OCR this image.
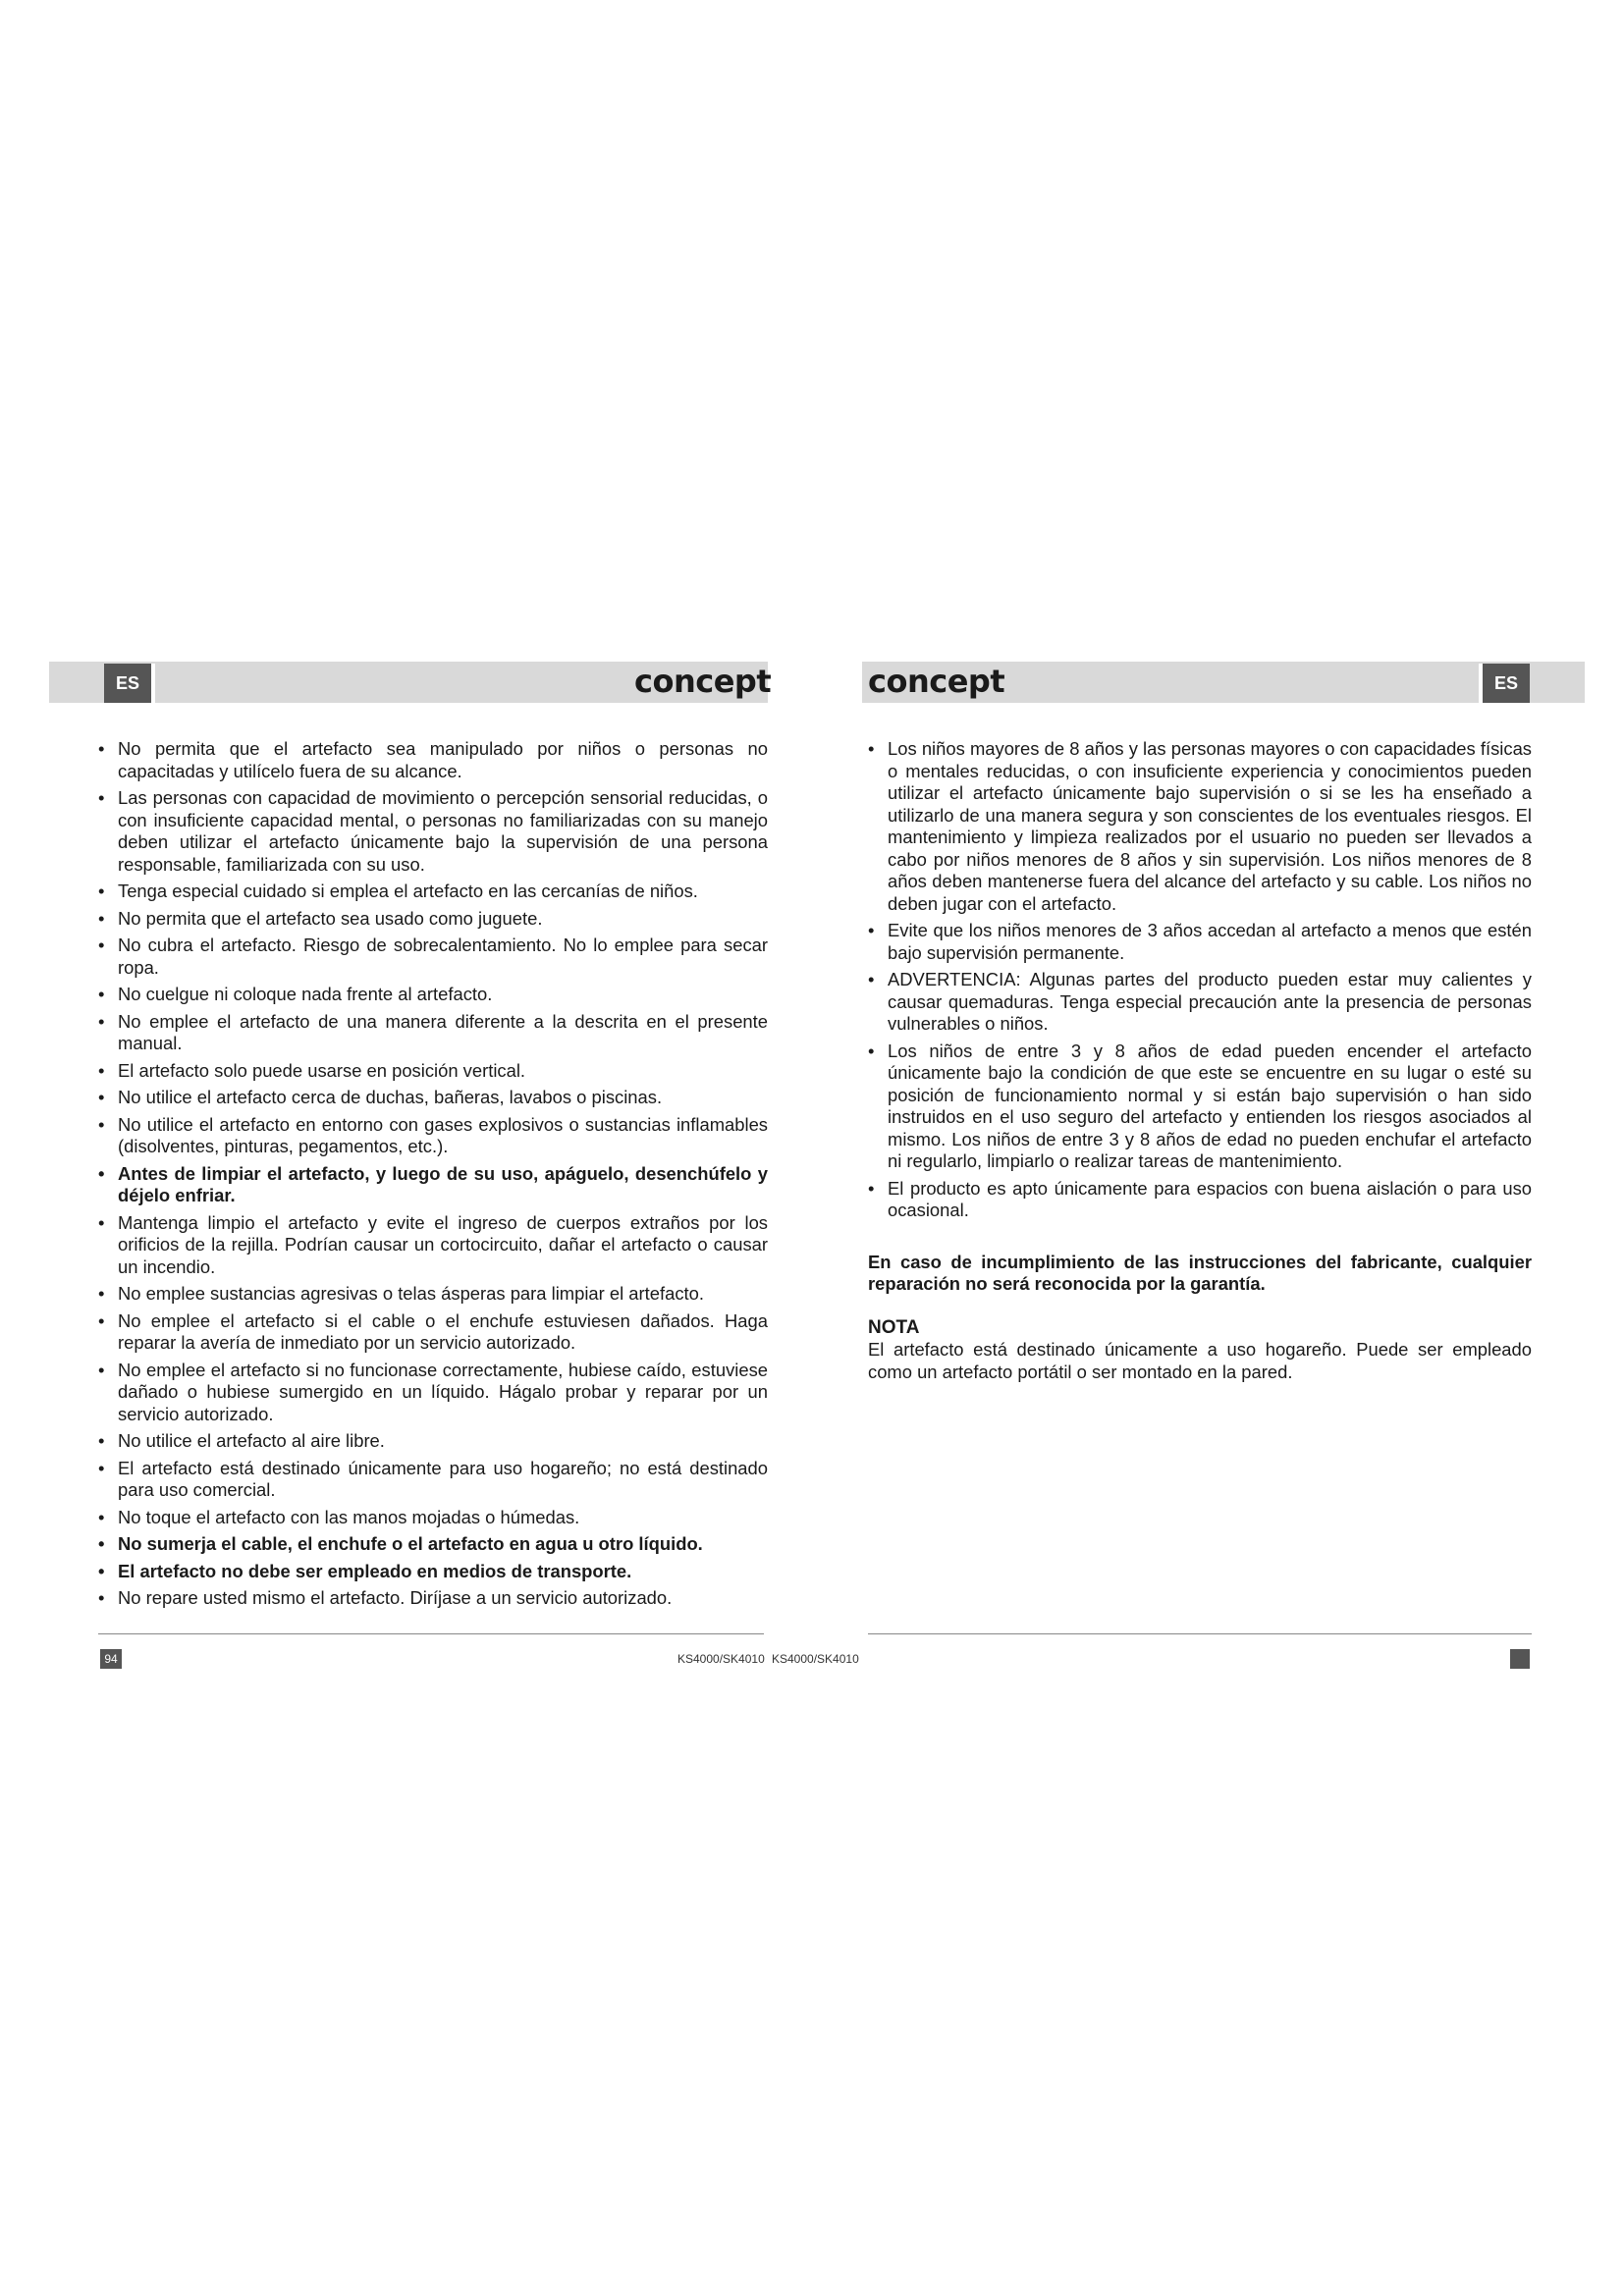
ES	ES
concept	concept
• No permita que el artefacto sea manipulado por niños o personas no capacitadas y utilícelo fuera de su alcance.
• Las personas con capacidad de movimiento o percepción sensorial reducidas, o con insuficiente capacidad mental, o personas no familiarizadas con su manejo deben utilizar el artefacto únicamente bajo la supervisión de una persona responsable, familiarizada con su uso.
• Tenga especial cuidado si emplea el artefacto en las cercanías de niños.
• No permita que el artefacto sea usado como juguete.
• No cubra el artefacto. Riesgo de sobrecalentamiento. No lo emplee para secar ropa.
• No cuelgue ni coloque nada frente al artefacto.
• No emplee el artefacto de una manera diferente a la descrita en el presente manual.
• El artefacto solo puede usarse en posición vertical.
• No utilice el artefacto cerca de duchas, bañeras, lavabos o piscinas.
• No utilice el artefacto en entorno con gases explosivos o sustancias inflamables (disolventes, pinturas, pegamentos, etc.).
• Antes de limpiar el artefacto, y luego de su uso, apáguelo, desenchúfelo y déjelo enfriar.
• Mantenga limpio el artefacto y evite el ingreso de cuerpos extraños por los orificios de la rejilla. Podrían causar un cortocircuito, dañar el artefacto o causar un incendio.
• No emplee sustancias agresivas o telas ásperas para limpiar el artefacto.
• No emplee el artefacto si el cable o el enchufe estuviesen dañados. Haga reparar la avería de inmediato por un servicio autorizado.
• No emplee el artefacto si no funcionase correctamente, hubiese caído, estuviese dañado o hubiese sumergido en un líquido. Hágalo probar y reparar por un servicio autorizado.
• No utilice el artefacto al aire libre.
• El artefacto está destinado únicamente para uso hogareño; no está destinado para uso comercial.
• No toque el artefacto con las manos mojadas o húmedas.
• No sumerja el cable, el enchufe o el artefacto en agua u otro líquido.
• El artefacto no debe ser empleado en medios de transporte.
• No repare usted mismo el artefacto. Diríjase a un servicio autorizado.
• Los niños mayores de 8 años y las personas mayores o con capacidades físicas o mentales reducidas, o con insuficiente experiencia y conocimientos pueden utilizar el artefacto únicamente bajo supervisión o si se les ha enseñado a utilizarlo de una manera segura y son conscientes de los eventuales riesgos. El mantenimiento y limpieza realizados por el usuario no pueden ser llevados a cabo por niños menores de 8 años y sin supervisión. Los niños menores de 8 años deben mantenerse fuera del alcance del artefacto y su cable. Los niños no deben jugar con el artefacto.
• Evite que los niños menores de 3 años accedan al artefacto a menos que estén bajo supervisión permanente.
• ADVERTENCIA: Algunas partes del producto pueden estar muy calientes y causar quemaduras. Tenga especial precaución ante la presencia de personas vulnerables o niños.
• Los niños de entre 3 y 8 años de edad pueden encender el artefacto únicamente bajo la condición de que este se encuentre en su lugar o esté su posición de funcionamiento normal y si están bajo supervisión o han sido instruidos en el uso seguro del artefacto y entienden los riesgos asociados al mismo. Los niños de entre 3 y 8 años de edad no pueden enchufar el artefacto ni regularlo, limpiarlo o realizar tareas de mantenimiento.
• El producto es apto únicamente para espacios con buena aislación o para uso ocasional.
En caso de incumplimiento de las instrucciones del fabricante, cualquier reparación no será reconocida por la garantía.
NOTA
El artefacto está destinado únicamente a uso hogareño. Puede ser empleado como un artefacto portátil o ser montado en la pared.
94	KS4000/SK4010 KS4000/SK4010
